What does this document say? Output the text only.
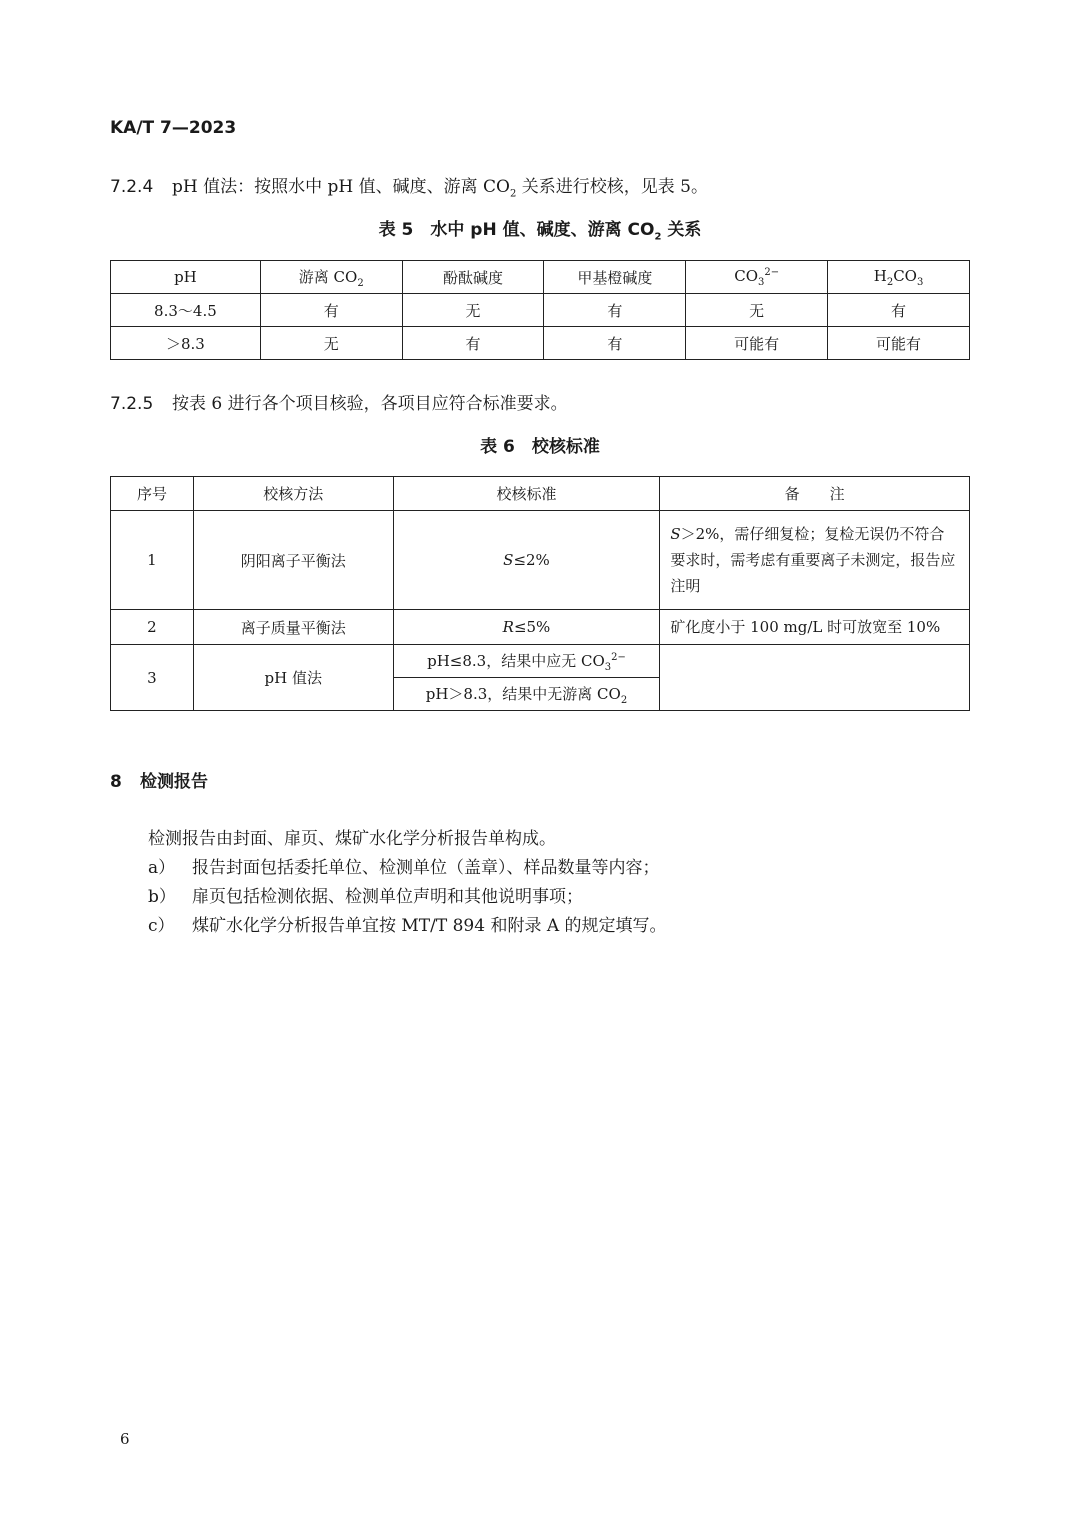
KA/T 7—2023
7.2.4 pH 值法：按照水中 pH 值、碱度、游离 $CO_2$ 关系进行校核，见表 5。
表 5　水中 pH 值、碱度、游离 $CO_2$ 关系
pH	游离 $CO_2$	酚酞碱度	甲基橙碱度	$CO_3^{2-}$	$H_2CO_3$
8.3～4.5	有	无	有	无	有
＞8.3	无	有	有	可能有	可能有
7.2.5 按表 6 进行各个项目核验，各项目应符合标准要求。
表 6　校核标准
序号	校核方法	校核标准	备　　注
1	阴阳离子平衡法	S≤2%	S＞2%，需仔细复检；复检无误仍不符合要求时，需考虑有重要离子未测定，报告应注明
2	离子质量平衡法	R≤5%	矿化度小于 100 mg/L 时可放宽至 10%
3	pH 值法	pH≤8.3，结果中应无 $CO_3^{2-}$	
		pH＞8.3，结果中无游离 $CO_2$
8 检测报告
检测报告由封面、扉页、煤矿水化学分析报告单构成。
a） 报告封面包括委托单位、检测单位（盖章）、样品数量等内容；
b） 扉页包括检测依据、检测单位声明和其他说明事项；
c） 煤矿水化学分析报告单宜按 MT/T 894 和附录 A 的规定填写。
6
